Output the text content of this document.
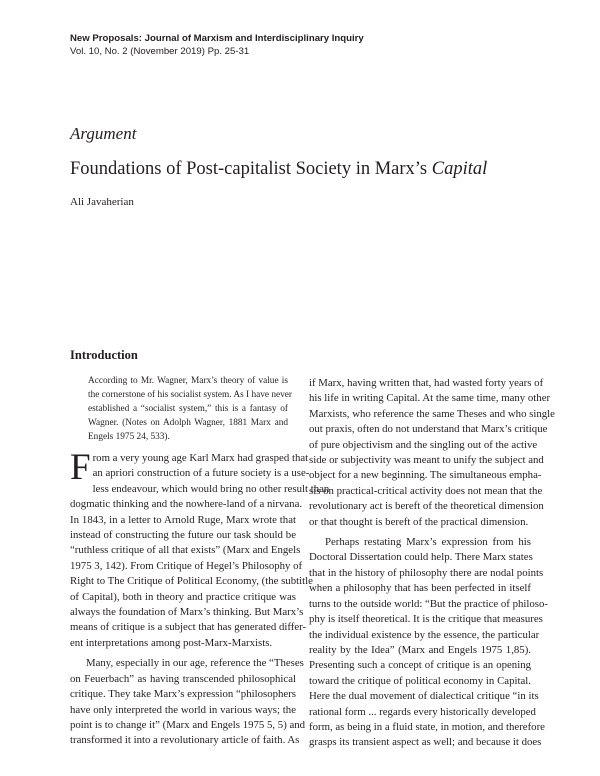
New Proposals: Journal of Marxism and Interdisciplinary Inquiry
Vol. 10, No. 2 (November 2019) Pp. 25-31
Argument
Foundations of Post-capitalist Society in Marx’s Capital
Ali Javaherian
Introduction
According to Mr. Wagner, Marx’s theory of value is
the cornerstone of his socialist system. As I have never
established a “socialist system,” this is a fantasy of
Wagner. (Notes on Adolph Wagner, 1881 Marx and
Engels 1975 24, 533).
F rom a very young age Karl Marx had grasped that
an apriori construction of a future society is a use-
less endeavour, which would bring no other result than
dogmatic thinking and the nowhere-land of a nirvana.
In 1843, in a letter to Arnold Ruge, Marx wrote that
instead of constructing the future our task should be
“ruthless critique of all that exists” (Marx and Engels
1975 3, 142). From Critique of Hegel’s Philosophy of
Right to The Critique of Political Economy, (the subtitle
of Capital), both in theory and practice critique was
always the foundation of Marx’s thinking. But Marx’s
means of critique is a subject that has generated differ-
ent interpretations among post-Marx-Marxists.
Many, especially in our age, reference the “Theses
on Feuerbach” as having transcended philosophical
critique. They take Marx’s expression “philosophers
have only interpreted the world in various ways; the
point is to change it” (Marx and Engels 1975 5, 5) and
transformed it into a revolutionary article of faith. As
if Marx, having written that, had wasted forty years of
his life in writing Capital. At the same time, many other
Marxists, who reference the same Theses and who single
out praxis, often do not understand that Marx’s critique
of pure objectivism and the singling out of the active
side or subjectivity was meant to unify the subject and
object for a new beginning. The simultaneous empha-
sis on practical-critical activity does not mean that the
revolutionary act is bereft of the theoretical dimension
or that thought is bereft of the practical dimension.
Perhaps restating Marx’s expression from his
Doctoral Dissertation could help. There Marx states
that in the history of philosophy there are nodal points
when a philosophy that has been perfected in itself
turns to the outside world: “But the practice of philoso-
phy is itself theoretical. It is the critique that measures
the individual existence by the essence, the particular
reality by the Idea” (Marx and Engels 1975 1,85).
Presenting such a concept of critique is an opening
toward the critique of political economy in Capital.
Here the dual movement of dialectical critique “in its
rational form ... regards every historically developed
form, as being in a fluid state, in motion, and therefore
grasps its transient aspect as well; and because it does
